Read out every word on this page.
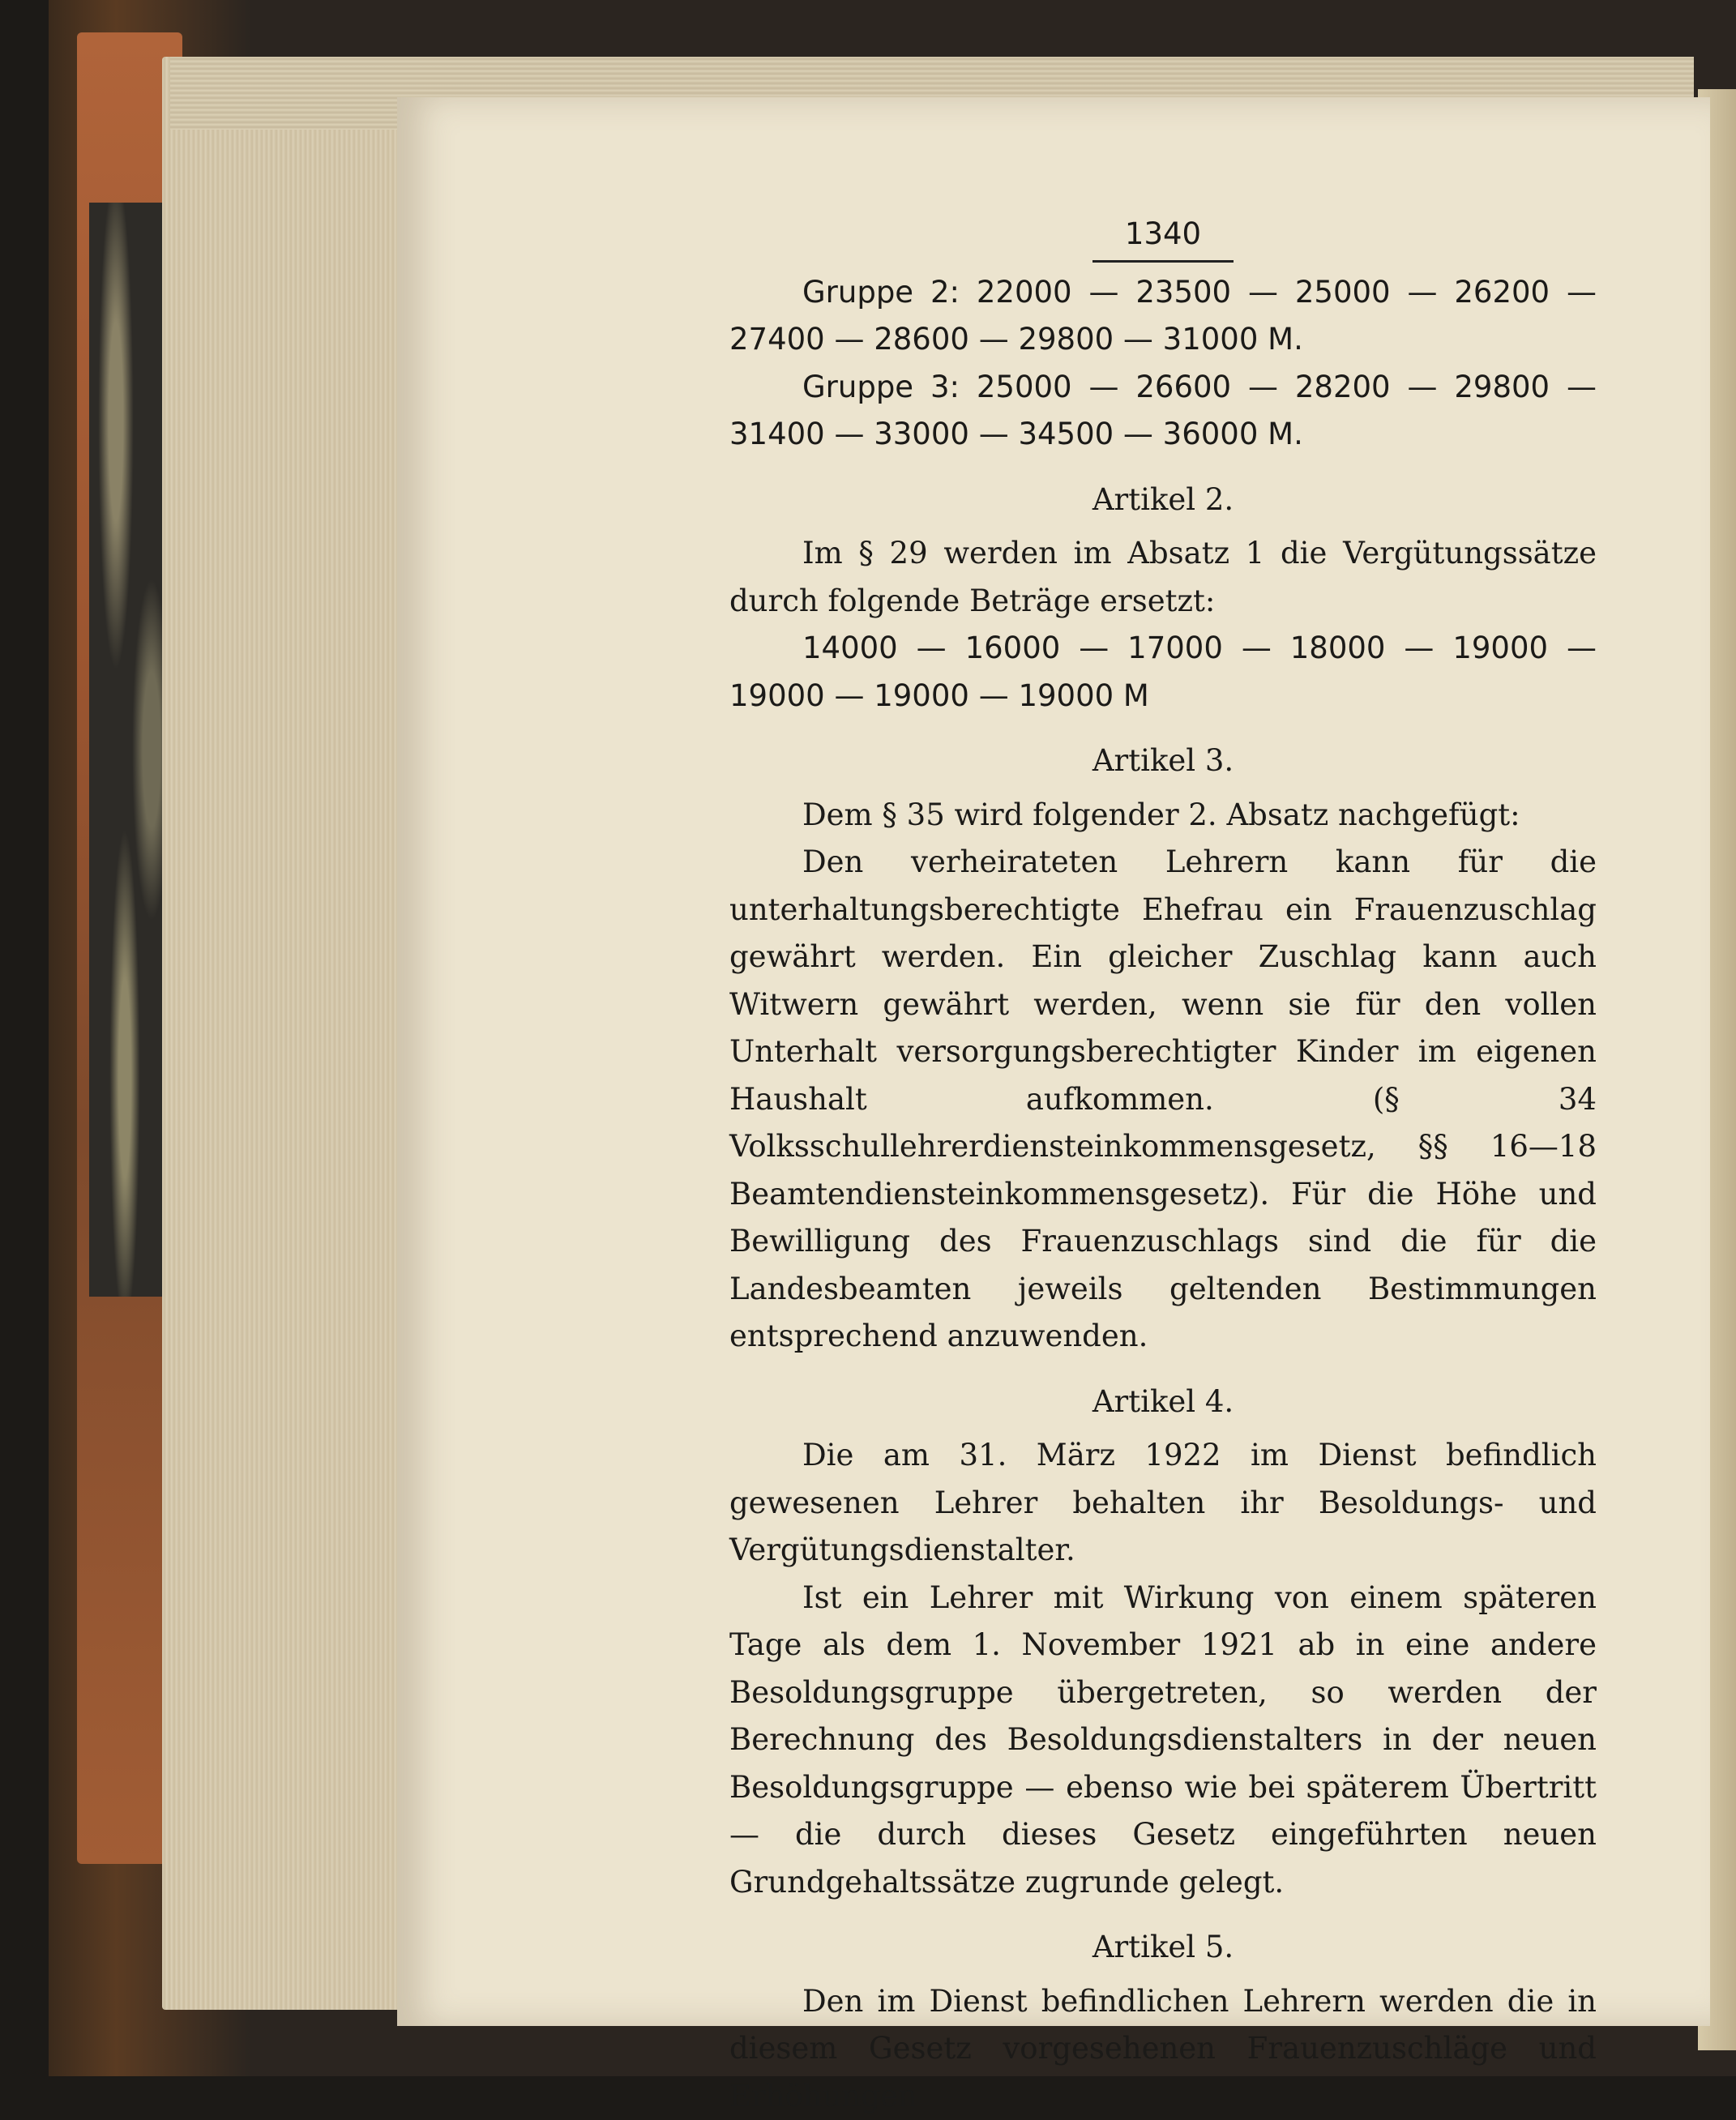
1340

Gruppe 2: 22000 — 23500 — 25000 — 26200 — 27400 — 28600 — 29800 — 31000 M.

Gruppe 3: 25000 — 26600 — 28200 — 29800 — 31400 — 33000 — 34500 — 36000 M.

Artikel 2.

Im § 29 werden im Absatz 1 die Vergütungssätze durch folgende Beträge ersetzt:

14000 — 16000 — 17000 — 18000 — 19000 — 19000 — 19000 — 19000 M

Artikel 3.

Dem § 35 wird folgender 2. Absatz nachgefügt:

Den verheirateten Lehrern kann für die unterhaltungsberechtigte Ehefrau ein Frauenzuschlag gewährt werden. Ein gleicher Zuschlag kann auch Witwern gewährt werden, wenn sie für den vollen Unterhalt versorgungsberechtigter Kinder im eigenen Haushalt aufkommen. (§ 34 Volksschullehrerdiensteinkommensgesetz, §§ 16—18 Beamtendiensteinkommensgesetz). Für die Höhe und Bewilligung des Frauenzuschlags sind die für die Landesbeamten jeweils geltenden Bestimmungen entsprechend anzuwenden.

Artikel 4.

Die am 31. März 1922 im Dienst befindlich gewesenen Lehrer behalten ihr Besoldungs- und Vergütungsdienstalter.

Ist ein Lehrer mit Wirkung von einem späteren Tage als dem 1. November 1921 ab in eine andere Besoldungsgruppe übergetreten, so werden der Berechnung des Besoldungsdienstalters in der neuen Besoldungsgruppe — ebenso wie bei späterem Übertritt — die durch dieses Gesetz eingeführten neuen Grundgehaltssätze zugrunde gelegt.

Artikel 5.

Den im Dienst befindlichen Lehrern werden die in diesem Gesetz vorgesehenen Frauenzuschläge und Erhöhungen
